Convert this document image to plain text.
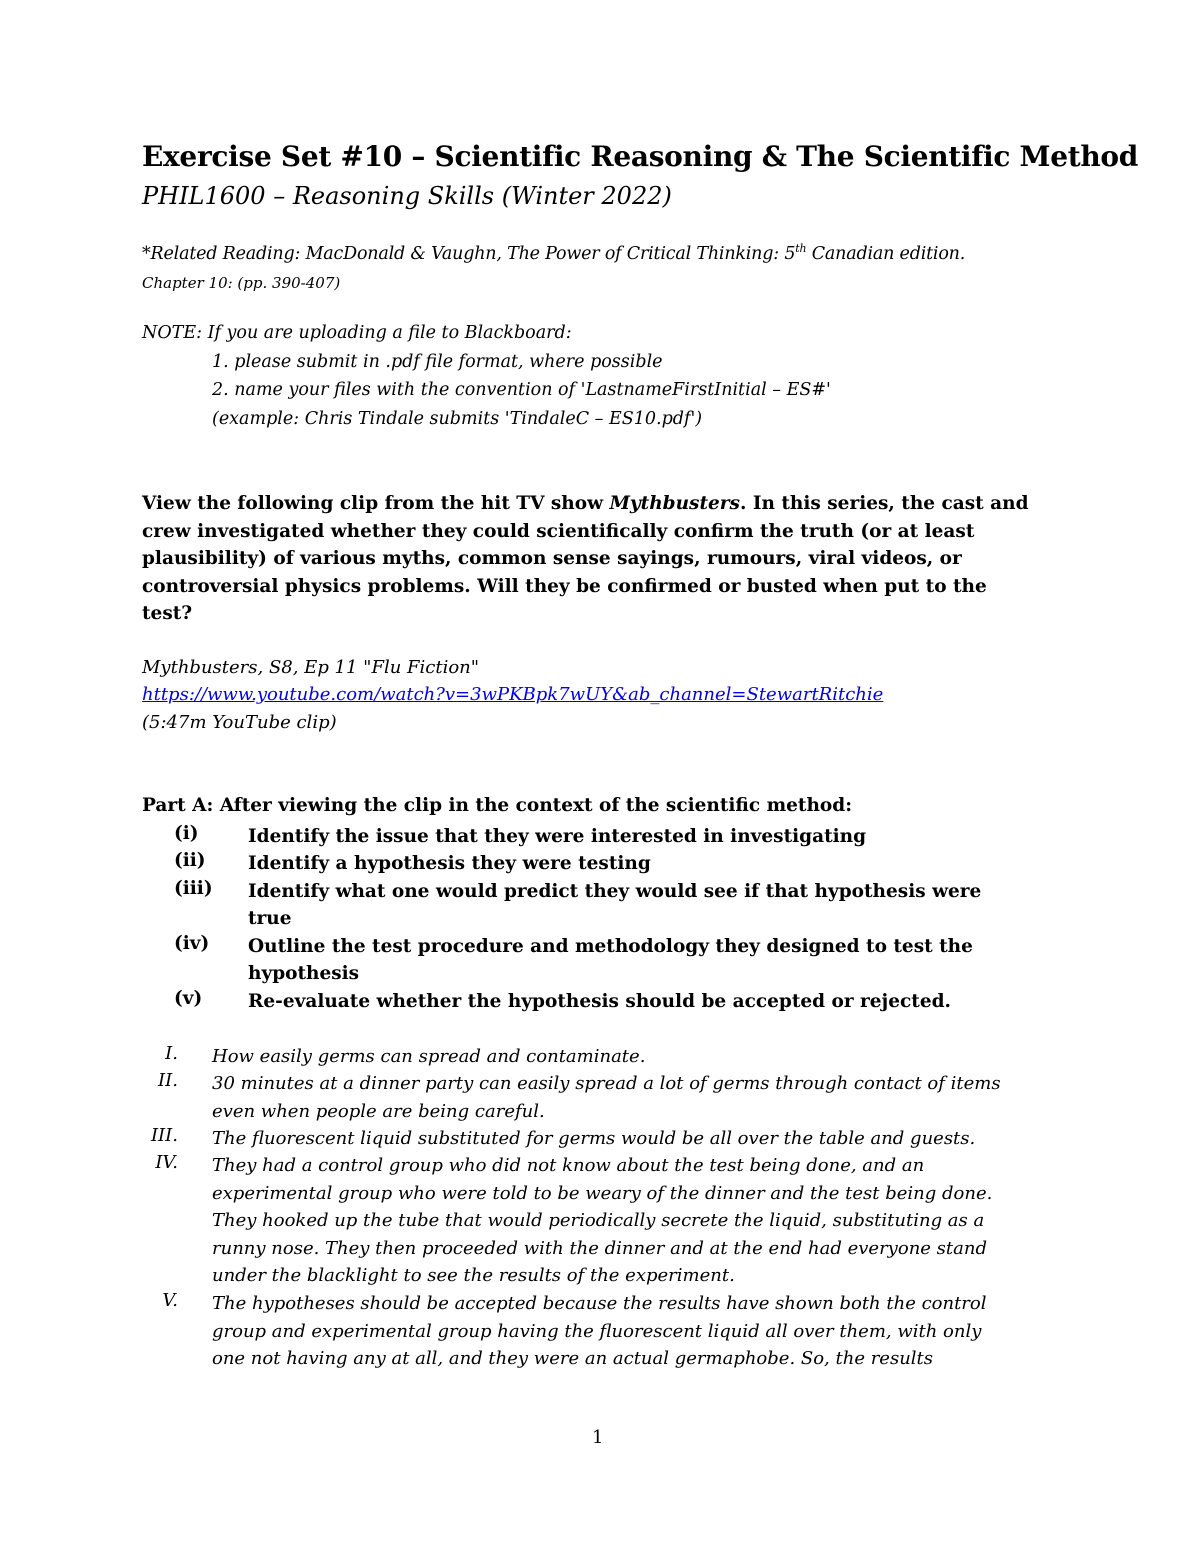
Exercise Set #10 – Scientific Reasoning & The Scientific Method
PHIL1600 – Reasoning Skills (Winter 2022)
*Related Reading: MacDonald & Vaughn, The Power of Critical Thinking: 5th Canadian edition.
Chapter 10: (pp. 390-407)
NOTE: If you are uploading a file to Blackboard:
1. please submit in .pdf file format, where possible
2. name your files with the convention of 'LastnameFirstInitial – ES#'
(example: Chris Tindale submits 'TindaleC – ES10.pdf')
View the following clip from the hit TV show Mythbusters. In this series, the cast and
crew investigated whether they could scientifically confirm the truth (or at least
plausibility) of various myths, common sense sayings, rumours, viral videos, or
controversial physics problems. Will they be confirmed or busted when put to the
test?
Mythbusters, S8, Ep 11 "Flu Fiction"
https://www.youtube.com/watch?v=3wPKBpk7wUY&ab_channel=StewartRitchie
(5:47m YouTube clip)
Part A: After viewing the clip in the context of the scientific method:
(i)	Identify the issue that they were interested in investigating
(ii) Identify a hypothesis they were testing
(iii) Identify what one would predict they would see if that hypothesis were
true
(iv) Outline the test procedure and methodology they designed to test the
hypothesis
(v) Re-evaluate whether the hypothesis should be accepted or rejected.
I. How easily germs can spread and contaminate.
II. 30 minutes at a dinner party can easily spread a lot of germs through contact of items
even when people are being careful.
III. The fluorescent liquid substituted for germs would be all over the table and guests.
IV. They had a control group who did not know about the test being done, and an
experimental group who were told to be weary of the dinner and the test being done.
They hooked up the tube that would periodically secrete the liquid, substituting as a
runny nose. They then proceeded with the dinner and at the end had everyone stand
under the blacklight to see the results of the experiment.
V. The hypotheses should be accepted because the results have shown both the control
group and experimental group having the fluorescent liquid all over them, with only
one not having any at all, and they were an actual germaphobe. So, the results
1
